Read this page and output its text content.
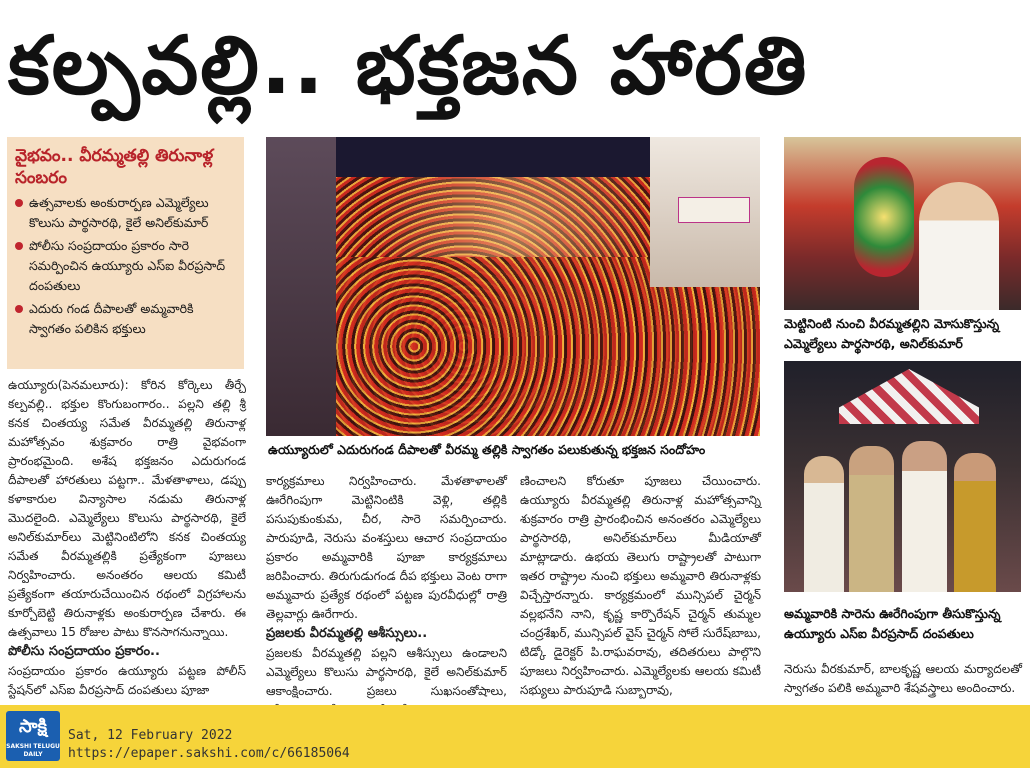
కల్పవల్లి.. భక్తజన హారతి
వైభవం.. వీరమ్మతల్లి తిరునాళ్ల సంబరం
ఉత్సవాలకు అంకురార్పణ ఎమ్మెల్యేలు కొలుసు పార్థసారథి, కైలే అనిల్‌కుమార్
పోలీసు సంప్రదాయం ప్రకారం సారె సమర్పించిన ఉయ్యూరు ఎస్‌ఐ వీరప్రసాద్ దంపతులు
ఎదురు గండ దీపాలతో అమ్మవారికి స్వాగతం పలికిన భక్తులు
ఉయ్యూరులో ఎదురుగండ దీపాలతో వీరమ్మ తల్లికి స్వాగతం పలుకుతున్న భక్తజన సందోహం
మెట్టినింటి నుంచి వీరమ్మతల్లిని మోసుకొస్తున్న ఎమ్మెల్యేలు పార్థసారథి, అనిల్‌కుమార్
అమ్మవారికి సారెను ఊరేగింపుగా తీసుకొస్తున్న ఉయ్యూరు ఎస్‌ఐ వీరప్రసాద్ దంపతులు

ఉయ్యూరు(పెనమలూరు): కోరిన కోర్కెలు తీర్చే కల్పవల్లి.. భక్తుల కొంగుబంగారం.. పల్లని తల్లి శ్రీ కనక చింతయ్య సమేత వీరమ్మతల్లి తిరునాళ్ల మహోత్సవం శుక్రవారం రాత్రి వైభవంగా ప్రారంభమైంది. అశేష భక్తజనం ఎదురుగండ దీపాలతో హారతులు పట్టగా.. మేళతాళాలు, డప్పు కళాకారుల విన్యాసాల నడుమ తిరునాళ్ల మొదలైంది. ఎమ్మెల్యేలు కొలుసు పార్థసారథి, కైలే అనిల్‌కుమార్‌లు మెట్టినింటిలోని కనక చింతయ్య సమేత వీరమ్మతల్లికి ప్రత్యేకంగా పూజలు నిర్వహించారు. అనంతరం ఆలయ కమిటీ ప్రత్యేకంగా తయారుచేయించిన రథంలో విగ్రహాలను కూర్చోబెట్టి తిరునాళ్లకు అంకురార్పణ చేశారు. ఈ ఉత్సవాలు 15 రోజుల పాటు కొనసాగనున్నాయి.

పోలీసు సంప్రదాయం ప్రకారం..

సంప్రదాయం ప్రకారం ఉయ్యూరు పట్టణ పోలీస్ స్టేషన్‌లో ఎస్‌ఐ వీరప్రసాద్ దంపతులు పూజా

కార్యక్రమాలు నిర్వహించారు. మేళతాళాలతో ఊరేగింపుగా మెట్టినింటికి వెళ్లి, తల్లికి పసుపుకుంకుమ, చీర, సారె సమర్పించారు. పారుపూడి, నెరుసు వంశస్తులు ఆచార సంప్రదాయం ప్రకారం అమ్మవారికి పూజా కార్యక్రమాలు జరిపించారు. తిరుగుడుగండ దీప భక్తులు వెంట రాగా అమ్మవారు ప్రత్యేక రథంలో పట్టణ పురవీధుల్లో రాత్రి తెల్లవార్లు ఊరేగారు.

ప్రజలకు వీరమ్మతల్లి ఆశీస్సులు..

ప్రజలకు వీరమ్మతల్లి పల్లని ఆశీస్సులు ఉండాలని ఎమ్మెల్యేలు కొలుసు పార్థసారథి, కైలే అనిల్‌కుమార్ ఆకాంక్షించారు. ప్రజలు సుఖసంతోషాలు,

ణించాలని కోరుతూ పూజలు చేయించారు. ఉయ్యూరు వీరమ్మతల్లి తిరునాళ్ల మహోత్సవాన్ని శుక్రవారం రాత్రి ప్రారంభించిన అనంతరం ఎమ్మెల్యేలు పార్థసారథి, అనిల్‌కుమార్‌లు మీడియాతో మాట్లాడారు. ఉభయ తెలుగు రాష్ట్రాలతో పాటుగా ఇతర రాష్ట్రాల నుంచి భక్తులు అమ్మవారి తిరునాళ్లకు విచ్చేస్తారన్నారు. కార్యక్రమంలో మున్సిపల్ చైర్మన్ వల్లభనేని నాని, కృష్ణ కార్పొరేషన్ చైర్మన్ తుమ్మల చంద్రశేఖర్, మున్సిపల్ వైస్ చైర్మన్ సోలే సురేష్‌బాబు, టిడ్కో డైరెక్టర్ పి.రాఘవరావు, తదితరులు పాల్గొని పూజలు నిర్వహించారు. ఎమ్మెల్యేలకు ఆలయ కమిటీ సభ్యులు పారుపూడి సుబ్బారావు,

నెరుసు వీరకుమార్, బాలకృష్ణ ఆలయ మర్యాదలతో స్వాగతం పలికి అమ్మవారి శేషవస్త్రాలు అందించారు.

సాక్షి
SAKSHI TELUGU DAILY
Sat, 12 February 2022
https://epaper.sakshi.com/c/66185064
